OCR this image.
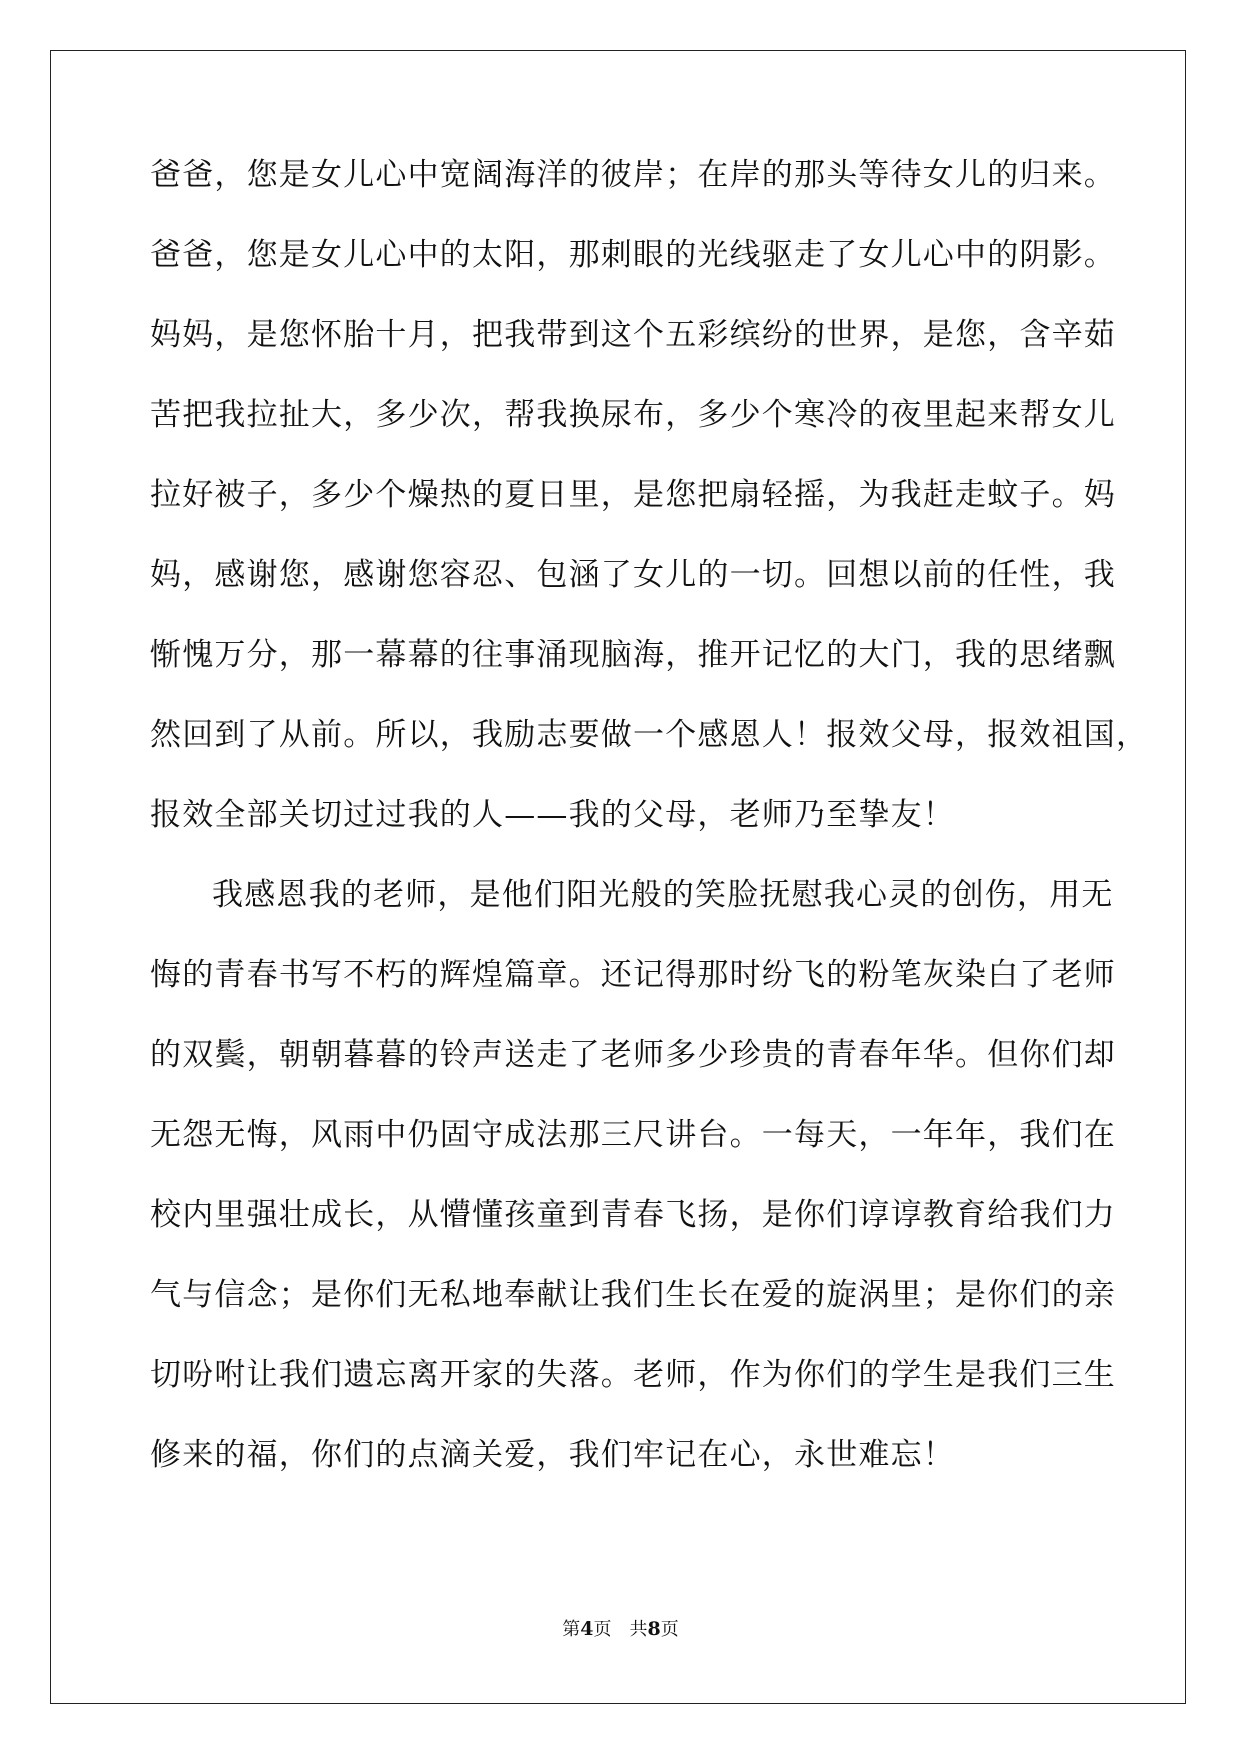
爸爸，您是女儿心中宽阔海洋的彼岸；在岸的那头等待女儿的归来。
爸爸，您是女儿心中的太阳，那刺眼的光线驱走了女儿心中的阴影。
妈妈，是您怀胎十月，把我带到这个五彩缤纷的世界，是您，含辛茹
苦把我拉扯大，多少次，帮我换尿布，多少个寒冷的夜里起来帮女儿
拉好被子，多少个燥热的夏日里，是您把扇轻摇，为我赶走蚊子。妈
妈，感谢您，感谢您容忍、包涵了女儿的一切。回想以前的任性，我
惭愧万分，那一幕幕的往事涌现脑海，推开记忆的大门，我的思绪飘
然回到了从前。所以，我励志要做一个感恩人！报效父母，报效祖国，
报效全部关切过过我的人——我的父母，老师乃至挚友！
我感恩我的老师，是他们阳光般的笑脸抚慰我心灵的创伤，用无
悔的青春书写不朽的辉煌篇章。还记得那时纷飞的粉笔灰染白了老师
的双鬓，朝朝暮暮的铃声送走了老师多少珍贵的青春年华。但你们却
无怨无悔，风雨中仍固守成法那三尺讲台。一每天，一年年，我们在
校内里强壮成长，从懵懂孩童到青春飞扬，是你们谆谆教育给我们力
气与信念；是你们无私地奉献让我们生长在爱的旋涡里；是你们的亲
切吩咐让我们遗忘离开家的失落。老师，作为你们的学生是我们三生
修来的福，你们的点滴关爱，我们牢记在心，永世难忘！
第4页 共8页
